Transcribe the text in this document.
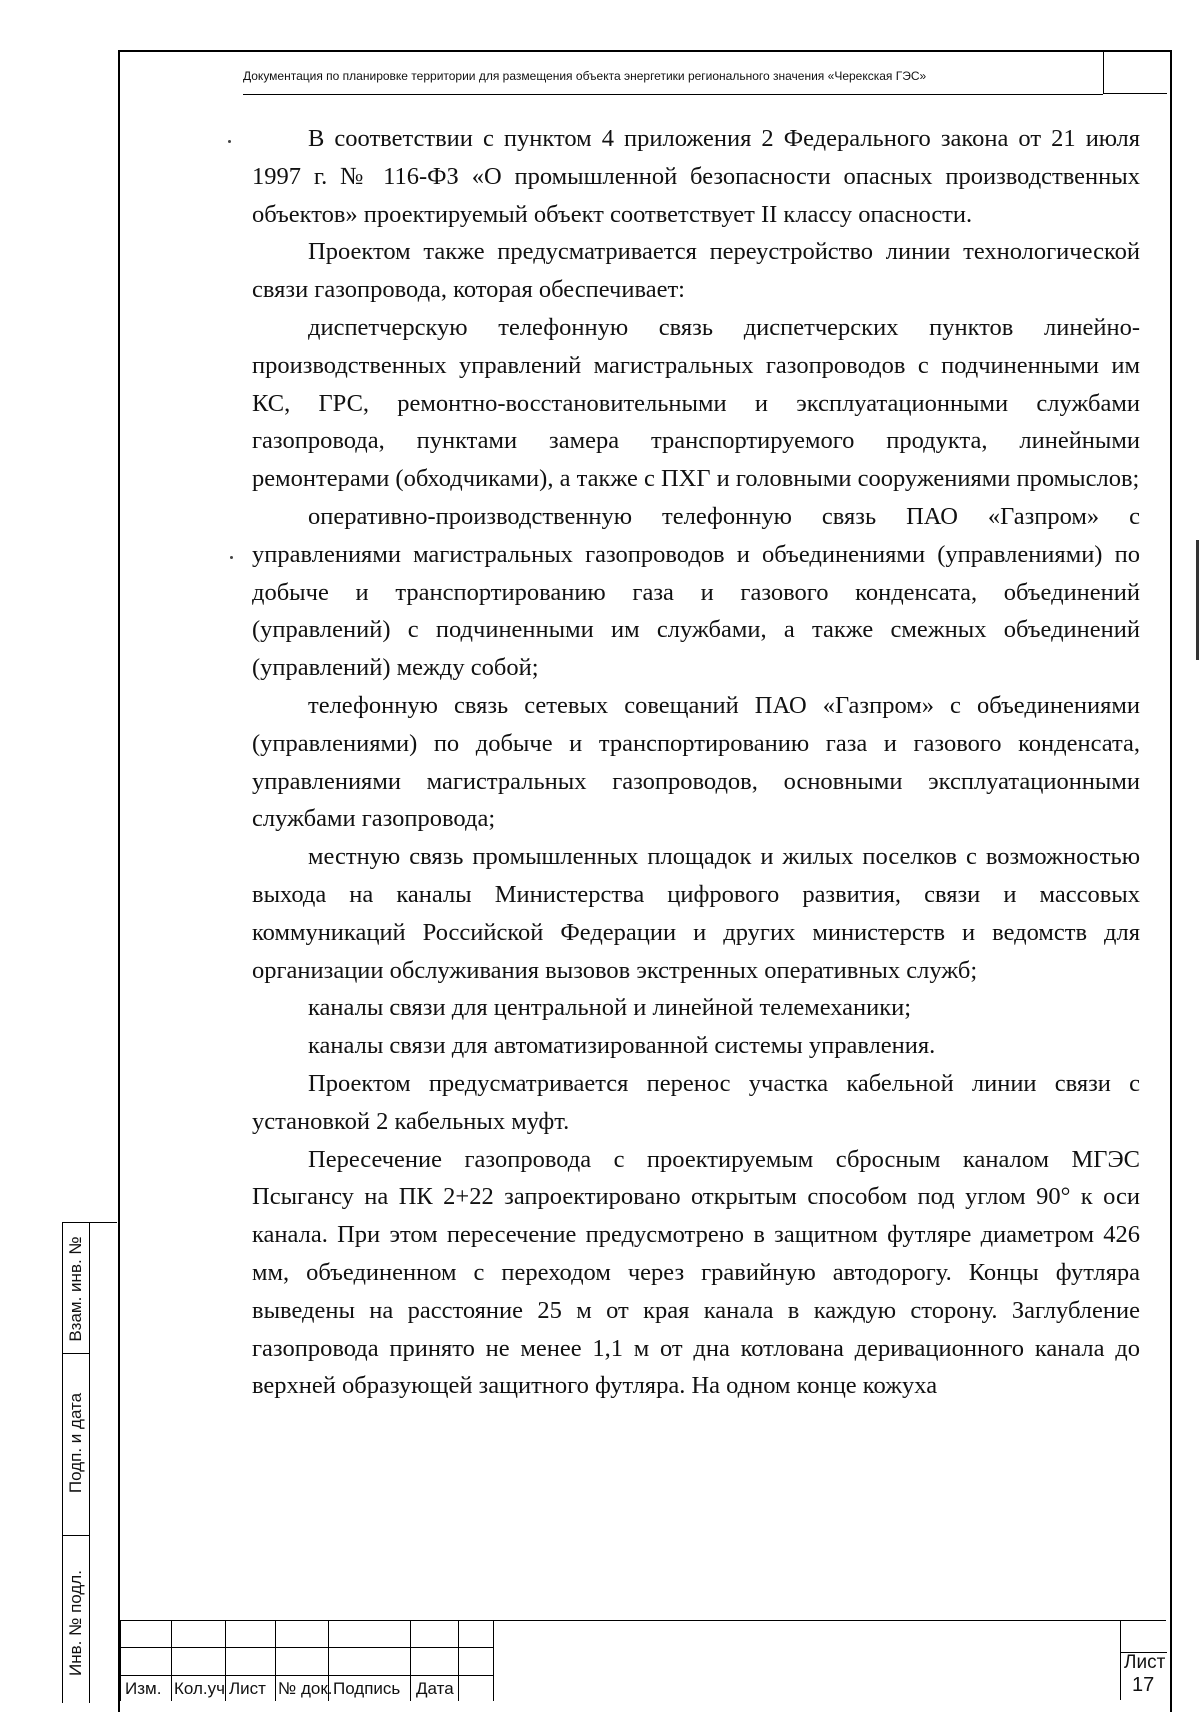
Документация по планировке территории для размещения объекта энергетики регионального значения «Черекская ГЭС»

В соответствии с пунктом 4 приложения 2 Федерального закона от 21 июля 1997 г. № 116-ФЗ «О промышленной безопасности опасных производственных объектов» проектируемый объект соответствует II классу опасности.

Проектом также предусматривается переустройство линии технологической связи газопровода, которая обеспечивает:

диспетчерскую телефонную связь диспетчерских пунктов линейно-производственных управлений магистральных газопроводов с подчиненными им КС, ГРС, ремонтно-восстановительными и эксплуатационными службами газопровода, пунктами замера транспортируемого продукта, линейными ремонтерами (обходчиками), а также с ПХГ и головными сооружениями промыслов;

оперативно-производственную телефонную связь ПАО «Газпром» с управлениями магистральных газопроводов и объединениями (управлениями) по добыче и транспортированию газа и газового конденсата, объединений (управлений) с подчиненными им службами, а также смежных объединений (управлений) между собой;

телефонную связь сетевых совещаний ПАО «Газпром» с объединениями (управлениями) по добыче и транспортированию газа и газового конденсата, управлениями магистральных газопроводов, основными эксплуатационными службами газопровода;

местную связь промышленных площадок и жилых поселков с возможностью выхода на каналы Министерства цифрового развития, связи и массовых коммуникаций Российской Федерации и других министерств и ведомств для организации обслуживания вызовов экстренных оперативных служб;

каналы связи для центральной и линейной телемеханики;

каналы связи для автоматизированной системы управления.

Проектом предусматривается перенос участка кабельной линии связи с установкой 2 кабельных муфт.

Пересечение газопровода с проектируемым сбросным каналом МГЭС Псыгансу на ПК 2+22 запроектировано открытым способом под углом 90° к оси канала. При этом пересечение предусмотрено в защитном футляре диаметром 426 мм, объединенном с переходом через гравийную автодорогу. Концы футляра выведены на расстояние 25 м от края канала в каждую сторону. Заглубление газопровода принято не менее 1,1 м от дна котлована деривационного канала до верхней образующей защитного футляра. На одном конце кожуха

Взам. инв. №
Подп. и дата
Инв. № подл.
Изм. Кол.уч Лист № док. Подпись Дата
Лист
17
